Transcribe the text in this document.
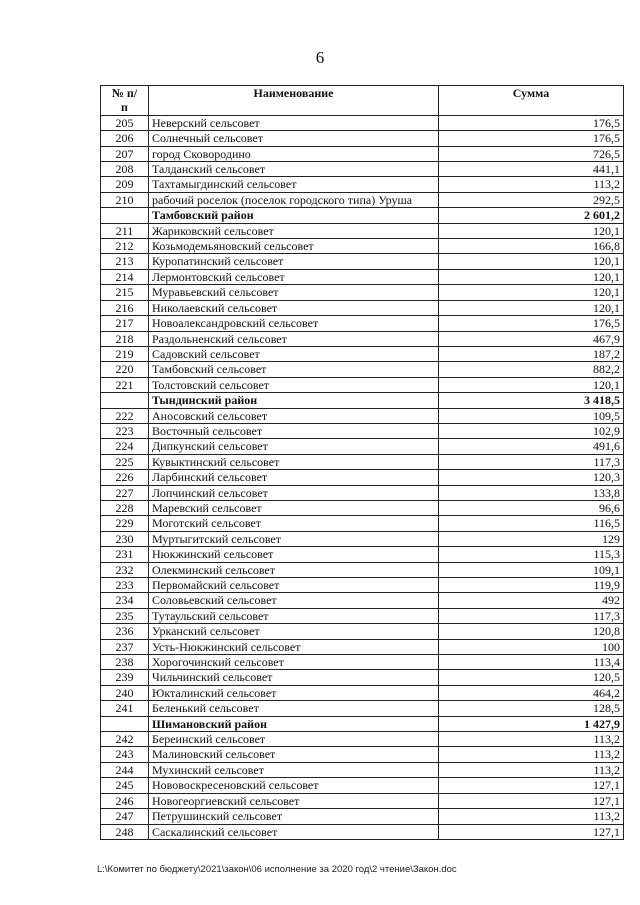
6
№ п/п	Наименование	Сумма
205	Неверский сельсовет	176,5
206	Солнечный сельсовет	176,5
207	город Сковородино	726,5
208	Талданский сельсовет	441,1
209	Тахтамыгдинский сельсовет	113,2
210	рабочий роселок (поселок городского типа) Уруша	292,5
	Тамбовский район	2 601,2
211	Жариковский сельсовет	120,1
212	Козьмодемьяновский сельсовет	166,8
213	Куропатинский сельсовет	120,1
214	Лермонтовский сельсовет	120,1
215	Муравьевский сельсовет	120,1
216	Николаевский сельсовет	120,1
217	Новоалександровский сельсовет	176,5
218	Раздольненский сельсовет	467,9
219	Садовский сельсовет	187,2
220	Тамбовский сельсовет	882,2
221	Толстовский сельсовет	120,1
	Тындинский район	3 418,5
222	Аносовский сельсовет	109,5
223	Восточный сельсовет	102,9
224	Дипкунский сельсовет	491,6
225	Кувыктинский сельсовет	117,3
226	Ларбинский сельсовет	120,3
227	Лопчинский сельсовет	133,8
228	Маревский сельсовет	96,6
229	Моготский сельсовет	116,5
230	Муртыгитский сельсовет	129
231	Нюкжинский сельсовет	115,3
232	Олекминский сельсовет	109,1
233	Первомайский сельсовет	119,9
234	Соловьевский сельсовет	492
235	Тутаульский сельсовет	117,3
236	Урканский сельсовет	120,8
237	Усть-Нюкжинский сельсовет	100
238	Хорогочинский сельсовет	113,4
239	Чильчинский сельсовет	120,5
240	Юкталинский сельсовет	464,2
241	Беленький сельсовет	128,5
	Шимановский район	1 427,9
242	Береинский сельсовет	113,2
243	Малиновский сельсовет	113,2
244	Мухинский сельсовет	113,2
245	Нововоскресеновский сельсовет	127,1
246	Новогеоргиевский сельсовет	127,1
247	Петрушинский сельсовет	113,2
248	Саскалинский сельсовет	127,1
L:\Комитет по бюджету\2021\закон\06 исполнение за 2020 год\2 чтение\Закон.doc
